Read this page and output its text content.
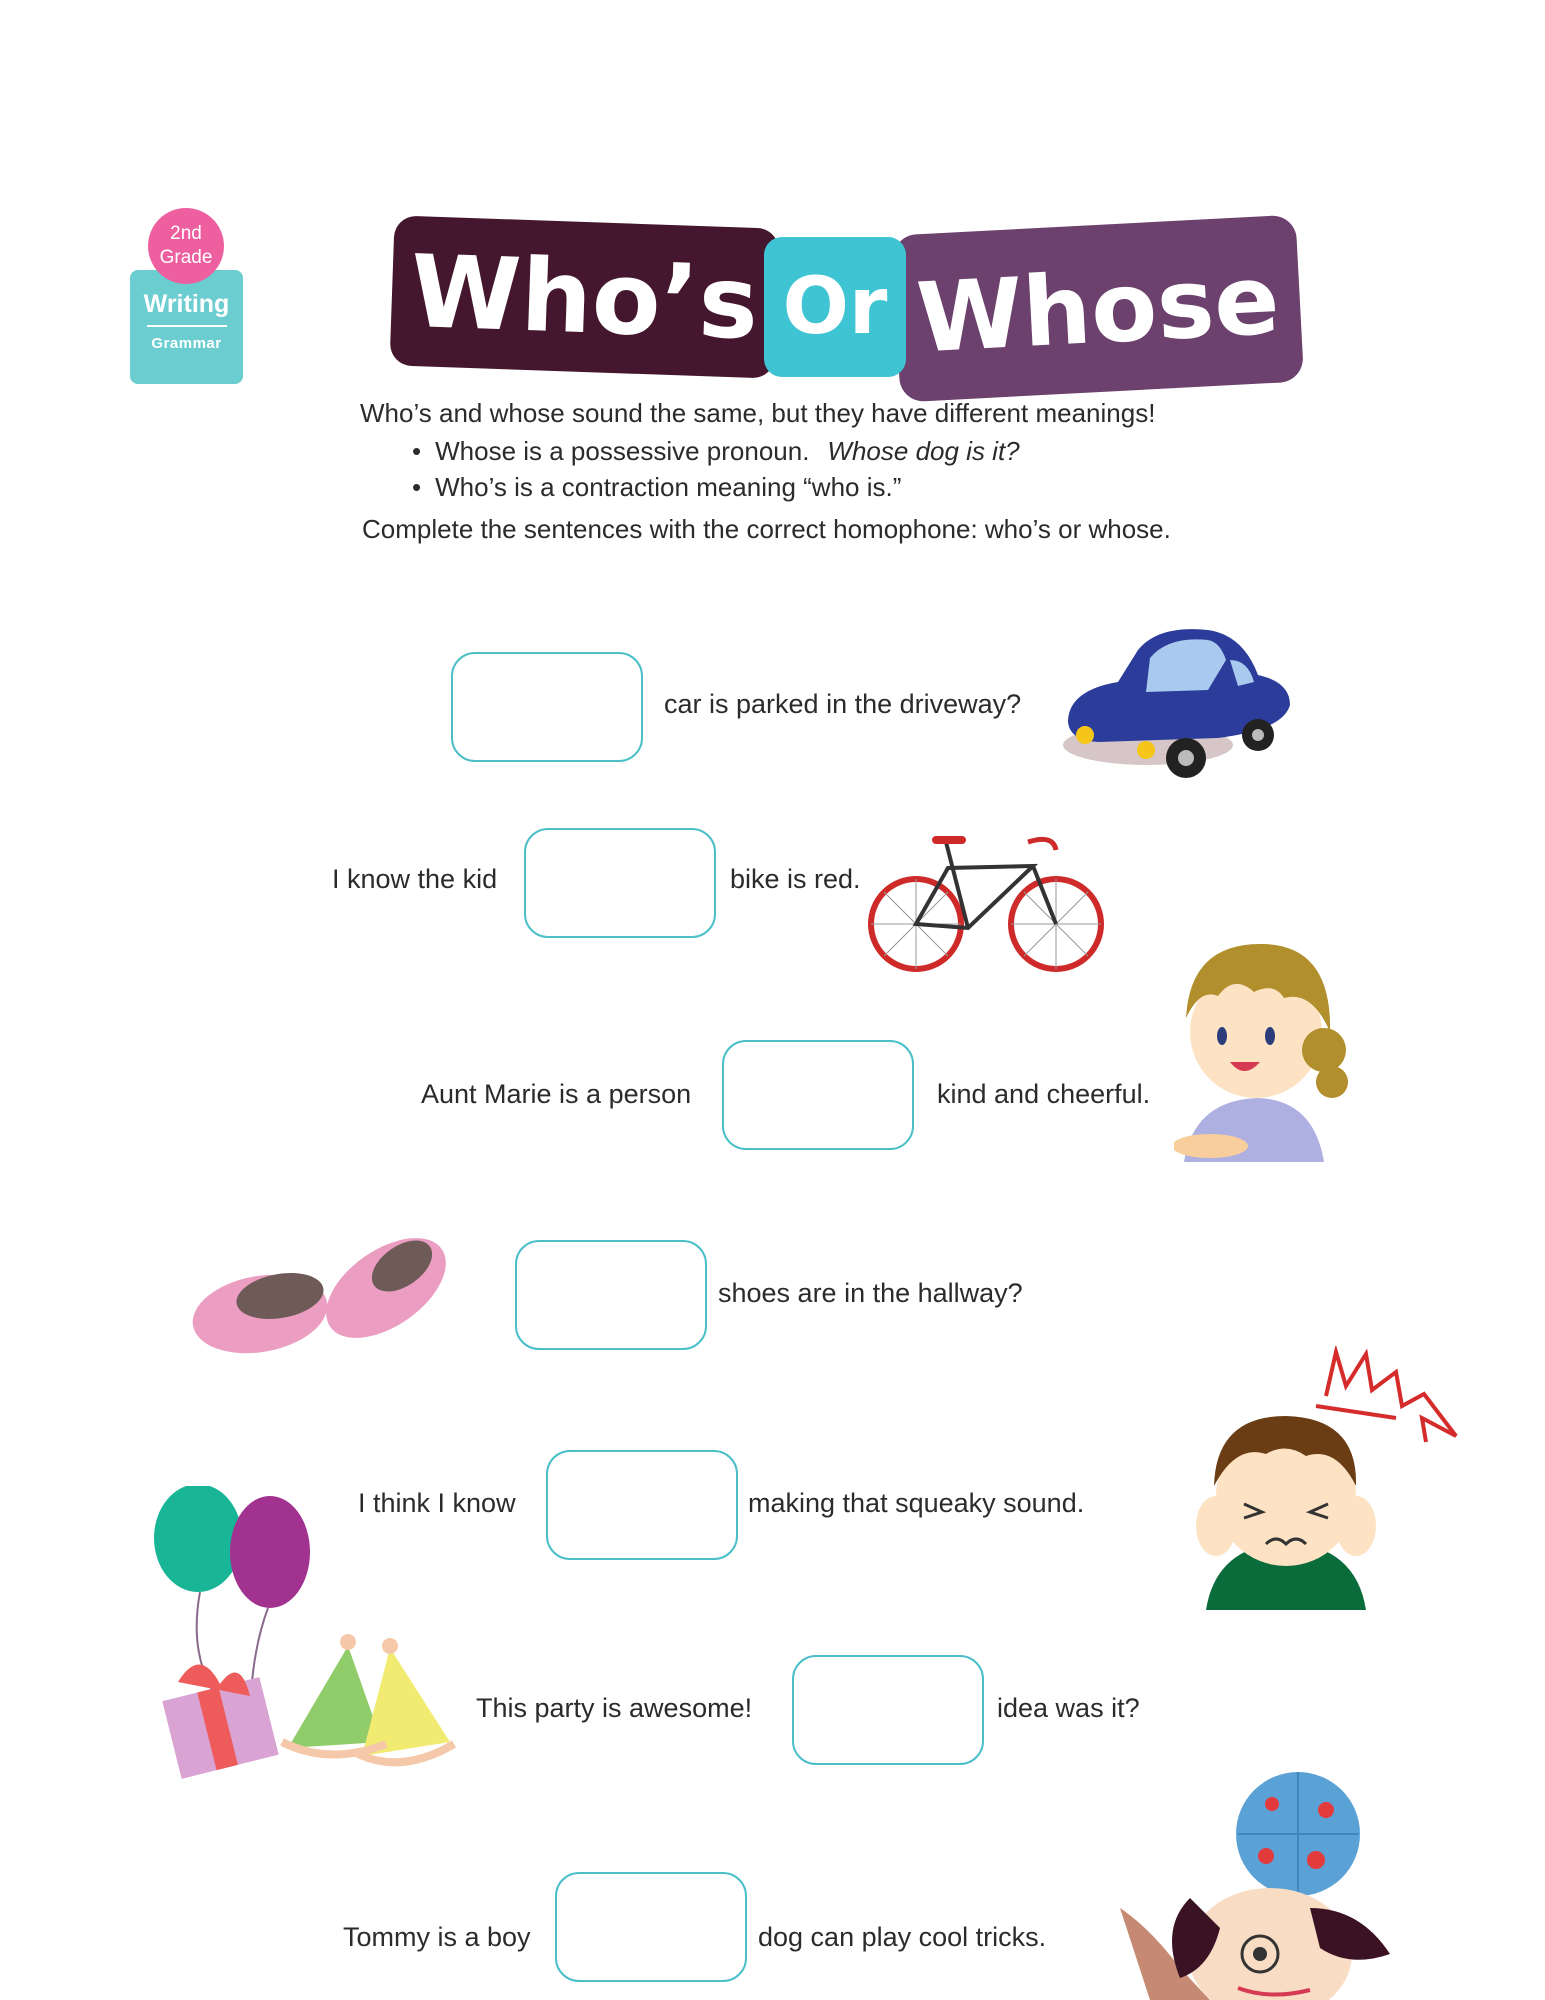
2nd
Grade
Writing
Grammar Who’s Or Whose
Who’s and whose sound the same, but they have different meanings!
• Whose is a possessive pronoun. Whose dog is it?
• Who’s is a contraction meaning “who is.”
Complete the sentences with the correct homophone: who’s or whose.
car is parked in the driveway?
I know the kid	bike is red.
Aunt Marie is a person	kind and cheerful.
shoes are in the hallway?
I think I know	making that squeaky sound.
This party is awesome!	idea was it?
Tommy is a boy	dog can play cool tricks.
